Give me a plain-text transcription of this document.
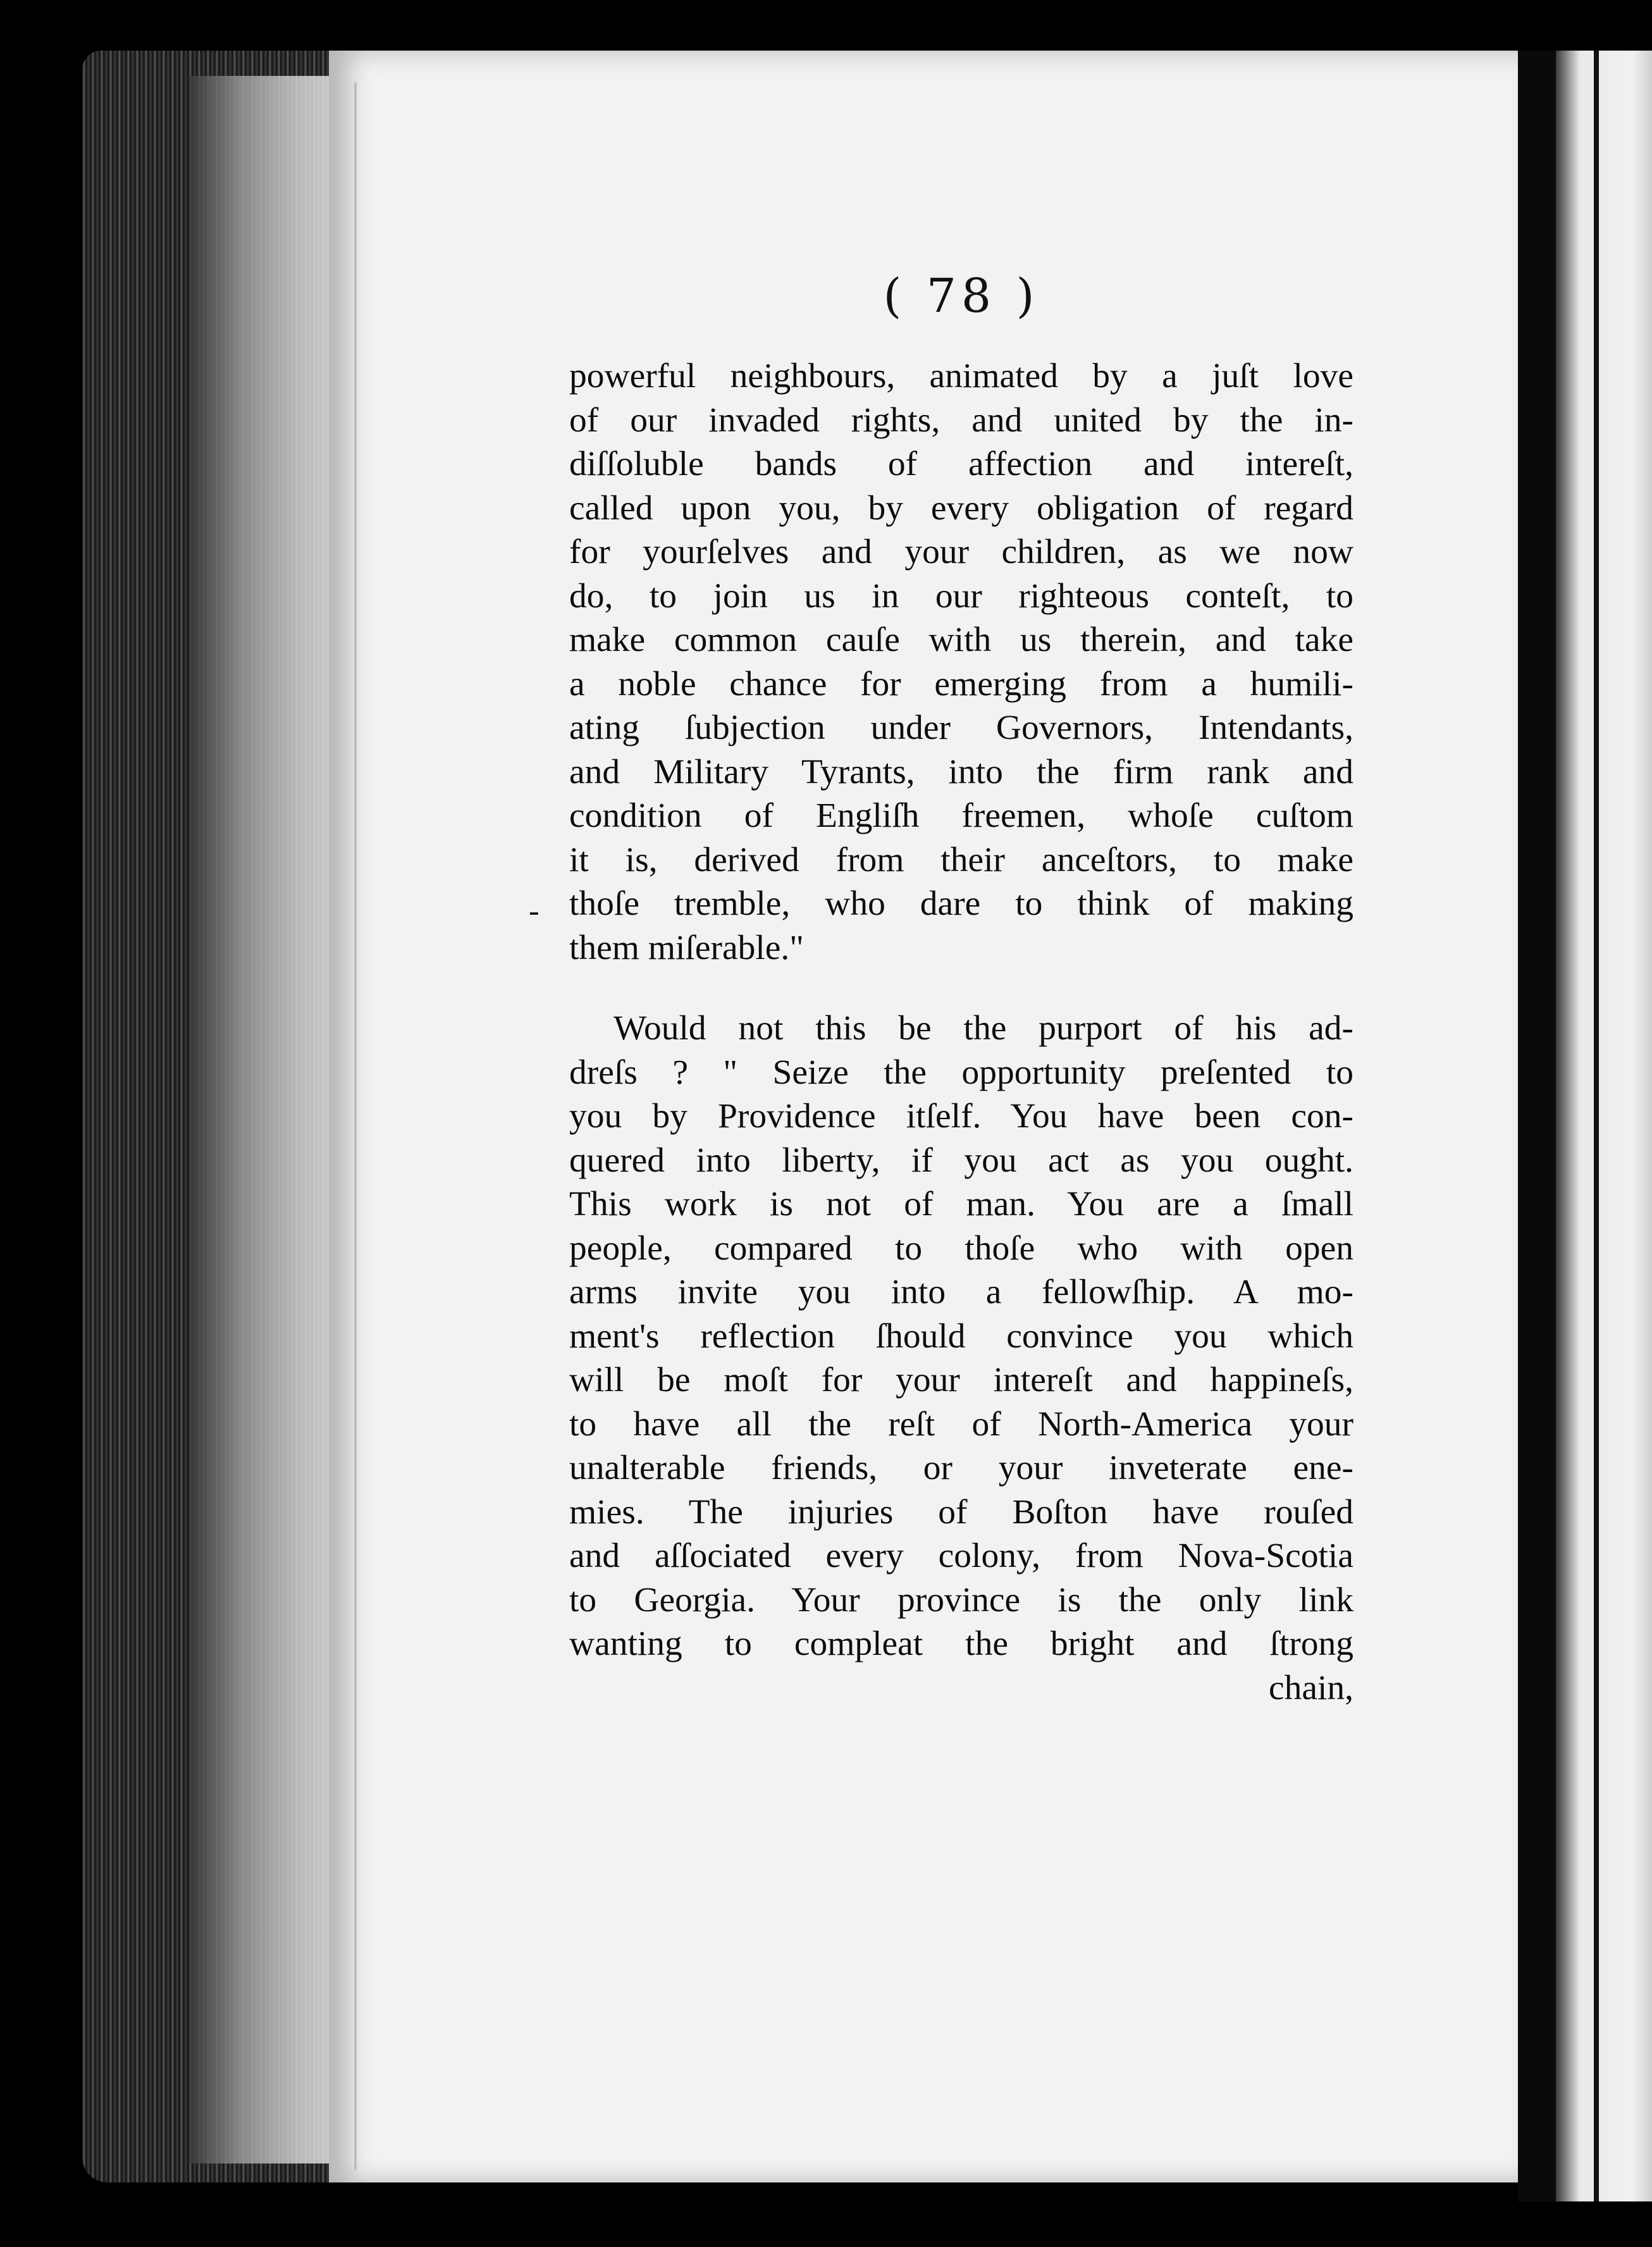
( 78 )
-
powerful neighbours, animated by a juſt love
of our invaded rights, and united by the in-
diſſoluble bands of affection and intereſt,
called upon you, by every obligation of regard
for yourſelves and your children, as we now
do, to join us in our righteous conteſt, to
make common cauſe with us therein, and take
a noble chance for emerging from a humili-
ating ſubjection under Governors, Intendants,
and Military Tyrants, into the firm rank and
condition of Engliſh freemen, whoſe cuſtom
it is, derived from their anceſtors, to make
thoſe tremble, who dare to think of making
them miſerable."
Would not this be the purport of his ad-
dreſs ? " Seize the opportunity preſented to
you by Providence itſelf. You have been con-
quered into liberty, if you act as you ought.
This work is not of man. You are a ſmall
people, compared to thoſe who with open
arms invite you into a fellowſhip. A mo-
ment's reflection ſhould convince you which
will be moſt for your intereſt and happineſs,
to have all the reſt of North-America your
unalterable friends, or your inveterate ene-
mies. The injuries of Boſton have rouſed
and aſſociated every colony, from Nova-Scotia
to Georgia. Your province is the only link
wanting to compleat the bright and ſtrong
chain,
